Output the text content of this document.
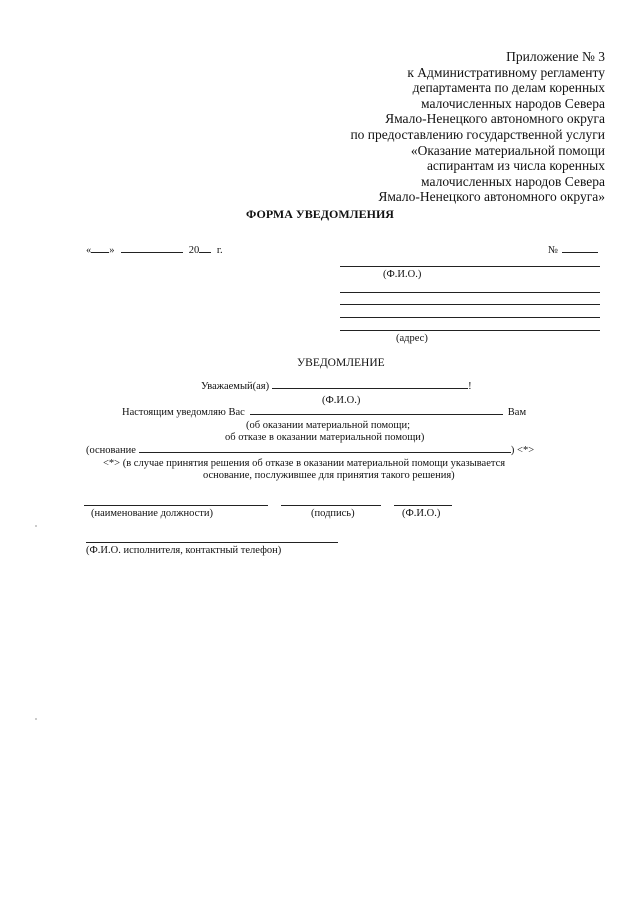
Приложение № 3
к Административному регламенту
департамента по делам коренных
малочисленных народов Севера
Ямало-Ненецкого автономного округа
по предоставлению государственной услуги
«Оказание материальной помощи
аспирантам из числа коренных
малочисленных народов Севера
Ямало-Ненецкого автономного округа»
ФОРМА УВЕДОМЛЕНИЯ
« »	20 г.	№
(Ф.И.О.)
(адрес)
УВЕДОМЛЕНИЕ
Уважаемый(ая)	!
(Ф.И.О.)
Настоящим уведомляю Вас	Вам
(об оказании материальной помощи;
об отказе в оказании материальной помощи)
(основание	) <*>
<*> (в случае принятия решения об отказе в оказании материальной помощи указывается
основание, послужившее для принятия такого решения)
(наименование должности)	(подпись)	(Ф.И.О.)
(Ф.И.О. исполнителя, контактный телефон)
